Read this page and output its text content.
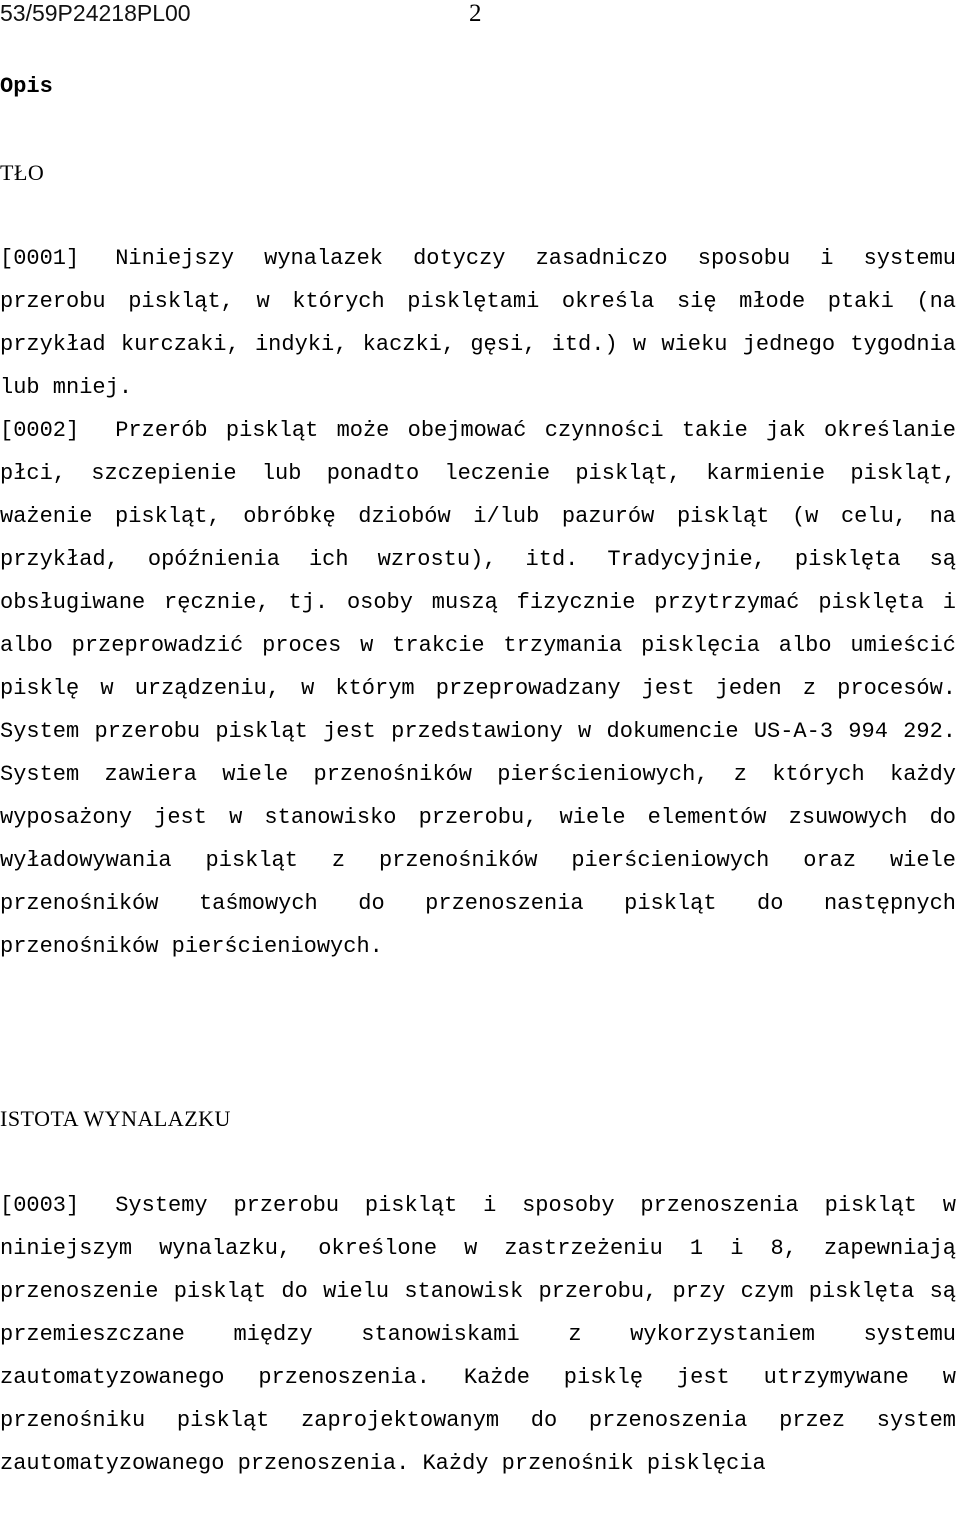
53/59P24218PL00	2
Opis
TŁO

[0001] Niniejszy wynalazek dotyczy zasadniczo sposobu i systemu przerobu piskląt, w których pisklętami określa się młode ptaki (na przykład kurczaki, indyki, kaczki, gęsi, itd.) w wieku jednego tygodnia lub mniej.

[0002] Przerób piskląt może obejmować czynności takie jak określanie płci, szczepienie lub ponadto leczenie piskląt, karmienie piskląt, ważenie piskląt, obróbkę dziobów i/lub pazurów piskląt (w celu, na przykład, opóźnienia ich wzrostu), itd. Tradycyjnie, pisklęta są obsługiwane ręcznie, tj. osoby muszą fizycznie przytrzymać pisklęta i albo przeprowadzić proces w trakcie trzymania pisklęcia albo umieścić pisklę w urządzeniu, w którym przeprowadzany jest jeden z procesów. System przerobu piskląt jest przedstawiony w dokumencie US-A-3 994 292. System zawiera wiele przenośników pierścieniowych, z których każdy wyposażony jest w stanowisko przerobu, wiele elementów zsuwowych do wyładowywania piskląt z przenośników pierścieniowych oraz wiele przenośników taśmowych do przenoszenia piskląt do następnych przenośników pierścieniowych.

ISTOTA WYNALAZKU

[0003] Systemy przerobu piskląt i sposoby przenoszenia piskląt w niniejszym wynalazku, określone w zastrzeżeniu 1 i 8, zapewniają przenoszenie piskląt do wielu stanowisk przerobu, przy czym pisklęta są przemieszczane między stanowiskami z wykorzystaniem systemu zautomatyzowanego przenoszenia. Każde pisklę jest utrzymywane w przenośniku piskląt zaprojektowanym do przenoszenia przez system zautomatyzowanego przenoszenia. Każdy przenośnik pisklęcia
